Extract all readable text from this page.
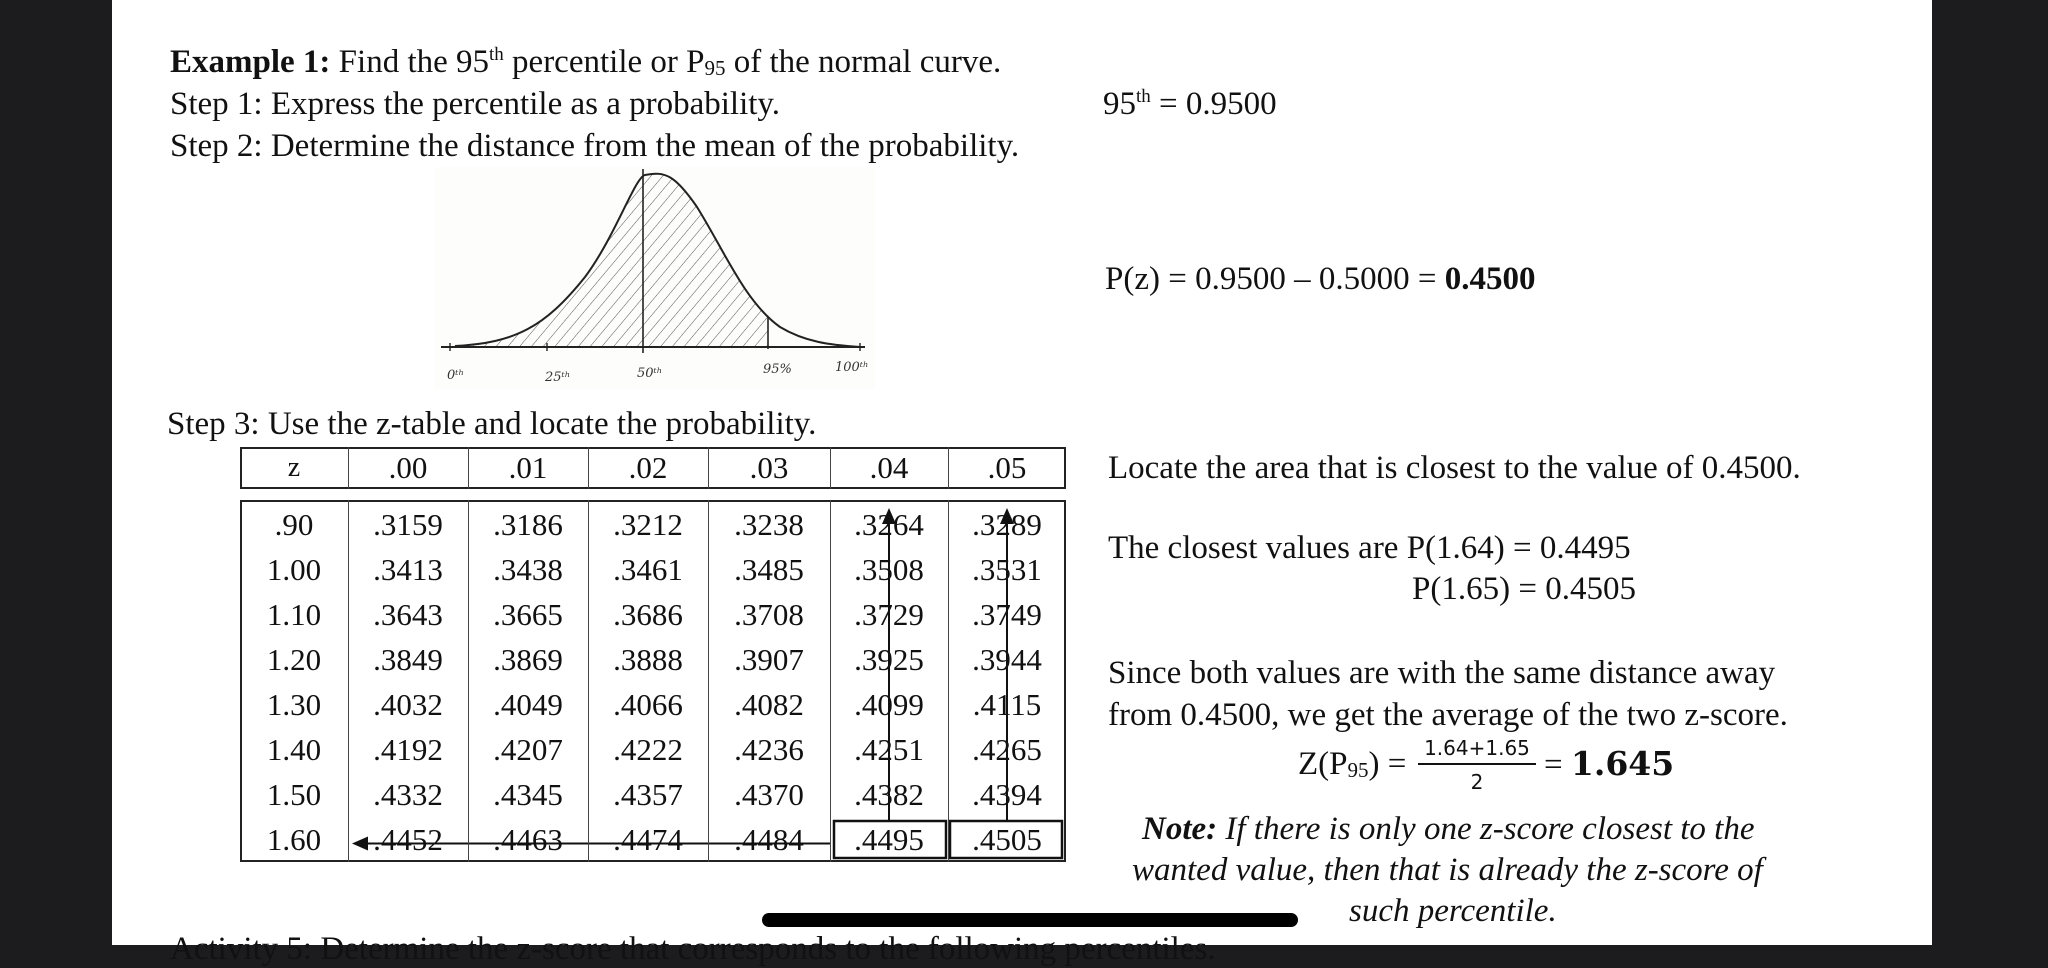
Example 1: Find the 95th percentile or $P_{95}$ of the normal curve.
Step 1: Express the percentile as a probability.	95th = 0.9500
Step 2: Determine the distance from the mean of the probability.
P(z) = 0.9500 – 0.5000 = 0.4500
0ᵗʰ	25ᵗʰ	50ᵗʰ	95%	100ᵗʰ
Step 3: Use the z-table and locate the probability.
z	.00	.01	.02	.03	.04	.05
.90	.3159	.3186	.3212	.3238	.3264	.3289
1.00	.3413	.3438	.3461	.3485	.3508	.3531
1.10	.3643	.3665	.3686	.3708	.3729	.3749
1.20	.3849	.3869	.3888	.3907	.3925	.3944
1.30	.4032	.4049	.4066	.4082	.4099	.4115
1.40	.4192	.4207	.4222	.4236	.4251	.4265
1.50	.4332	.4345	.4357	.4370	.4382	.4394
1.60	.4452	.4463	.4474	.4484	.4495	.4505
Locate the area that is closest to the value of 0.4500.
The closest values are P(1.64) = 0.4495
P(1.65) = 0.4505
Since both values are with the same distance away
from 0.4500, we get the average of the two z-score.
$Z(P_{95}) = 1.64+1.65$
2	= 1.645
Note: If there is only one z-score closest to the
wanted value, then that is already the z-score of
such percentile.
Activity 5: Determine the z-score that corresponds to the following percentiles.
